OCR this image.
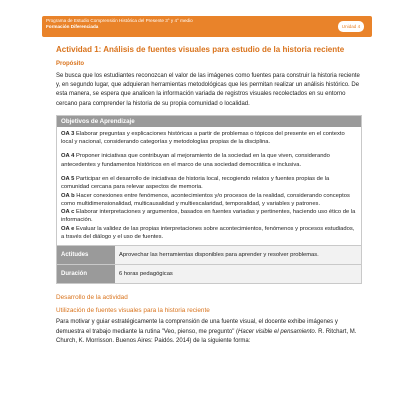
Programa de Estudio Comprensión Histórica del Presente 3° y 4° medio
Formación Diferenciada	Unidad 4
Actividad 1: Análisis de fuentes visuales para estudio de la historia reciente
Propósito
Se busca que los estudiantes reconozcan el valor de las imágenes como fuentes para construir la historia reciente y, en segundo lugar, que adquieran herramientas metodológicas que les permitan realizar un análisis histórico. De esta manera, se espera que analicen la información variada de registros visuales recolectados en su entorno cercano para comprender la historia de su propia comunidad o localidad.
Objetivos de Aprendizaje
OA 3 Elaborar preguntas y explicaciones históricas a partir de problemas o tópicos del presente en el contexto local y nacional, considerando categorías y metodologías propias de la disciplina.
OA 4 Proponer iniciativas que contribuyan al mejoramiento de la sociedad en la que viven, considerando antecedentes y fundamentos históricos en el marco de una sociedad democrática e inclusiva.
OA 5 Participar en el desarrollo de iniciativas de historia local, recogiendo relatos y fuentes propias de la comunidad cercana para relevar aspectos de memoria.
OA b Hacer conexiones entre fenómenos, acontecimientos y/o procesos de la realidad, considerando conceptos como multidimensionalidad, multicausalidad y multiescalaridad, temporalidad, y variables y patrones.
OA c Elaborar interpretaciones y argumentos, basados en fuentes variadas y pertinentes, haciendo uso ético de la información.
OA e Evaluar la validez de las propias interpretaciones sobre acontecimientos, fenómenos y procesos estudiados, a través del diálogo y el uso de fuentes.
Actitudes	Aprovechar las herramientas disponibles para aprender y resolver problemas.
Duración	6 horas pedagógicas
Desarrollo de la actividad
Utilización de fuentes visuales para la historia reciente
Para motivar y guiar estratégicamente la comprensión de una fuente visual, el docente exhibe imágenes y demuestra el trabajo mediante la rutina "Veo, pienso, me pregunto" (Hacer visible el pensamiento. R. Ritchart, M. Church, K. Morrisson. Buenos Aires: Paidós. 2014) de la siguiente forma:
